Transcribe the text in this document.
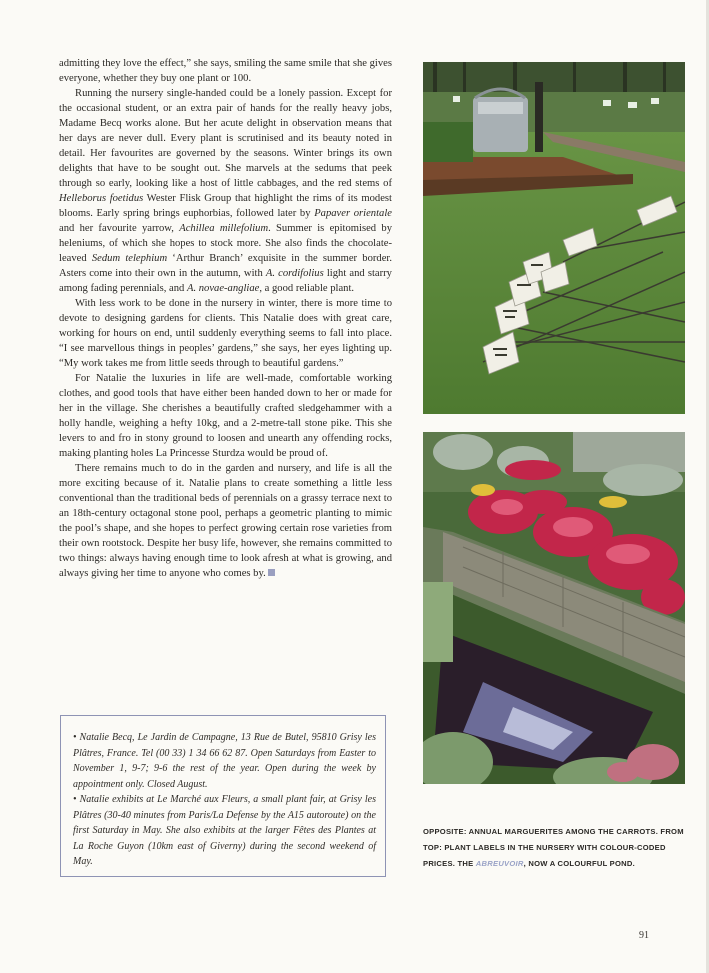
admitting they love the effect,” she says, smiling the same smile that she gives everyone, whether they buy one plant or 100.

Running the nursery single-handed could be a lonely passion. Except for the occasional student, or an extra pair of hands for the really heavy jobs, Madame Becq works alone. But her acute delight in observation means that her days are never dull. Every plant is scrutinised and its beauty noted in detail. Her favourites are governed by the seasons. Winter brings its own delights that have to be sought out. She marvels at the sedums that peek through so early, looking like a host of little cabbages, and the red stems of Helleborus foetidus Wester Flisk Group that highlight the rims of its modest blooms. Early spring brings euphorbias, followed later by Papaver orientale and her favourite yarrow, Achillea millefolium. Summer is epitomised by heleniums, of which she hopes to stock more. She also finds the chocolate-leaved Sedum telephium ‘Arthur Branch’ exquisite in the summer border. Asters come into their own in the autumn, with A. cordifolius light and starry among fading perennials, and A. novae-angliae, a good reliable plant.

With less work to be done in the nursery in winter, there is more time to devote to designing gardens for clients. This Natalie does with great care, working for hours on end, until suddenly everything seems to fall into place. “I see marvellous things in peoples’ gardens,” she says, her eyes lighting up. “My work takes me from little seeds through to beautiful gardens.”

For Natalie the luxuries in life are well-made, comfortable working clothes, and good tools that have either been handed down to her or made for her in the village. She cherishes a beautifully crafted sledgehammer with a holly handle, weighing a hefty 10kg, and a 2-metre-tall stone pike. This she levers to and fro in stony ground to loosen and unearth any offending rocks, making planting holes La Princesse Sturdza would be proud of.

There remains much to do in the garden and nursery, and life is all the more exciting because of it. Natalie plans to create something a little less conventional than the traditional beds of perennials on a grassy terrace next to an 18th-century octagonal stone pool, perhaps a geometric planting to mimic the pool’s shape, and she hopes to perfect growing certain rose varieties from their own rootstock. Despite her busy life, however, she remains committed to two things: always having enough time to look afresh at what is growing, and always giving her time to anyone who comes by.

• Natalie Becq, Le Jardin de Campagne, 13 Rue de Butel, 95810 Grisy les Plâtres, France. Tel (00 33) 1 34 66 62 87. Open Saturdays from Easter to November 1, 9-7; 9-6 the rest of the year. Open during the week by appointment only. Closed August.

• Natalie exhibits at Le Marché aux Fleurs, a small plant fair, at Grisy les Plâtres (30-40 minutes from Paris/La Defense by the A15 autoroute) on the first Saturday in May. She also exhibits at the larger Fêtes des Plantes at La Roche Guyon (10km east of Giverny) during the second weekend of May.

OPPOSITE: ANNUAL MARGUERITES AMONG THE CARROTS. FROM TOP: PLANT LABELS IN THE NURSERY WITH COLOUR-CODED PRICES. THE ABREUVOIR, NOW A COLOURFUL POND.
91
